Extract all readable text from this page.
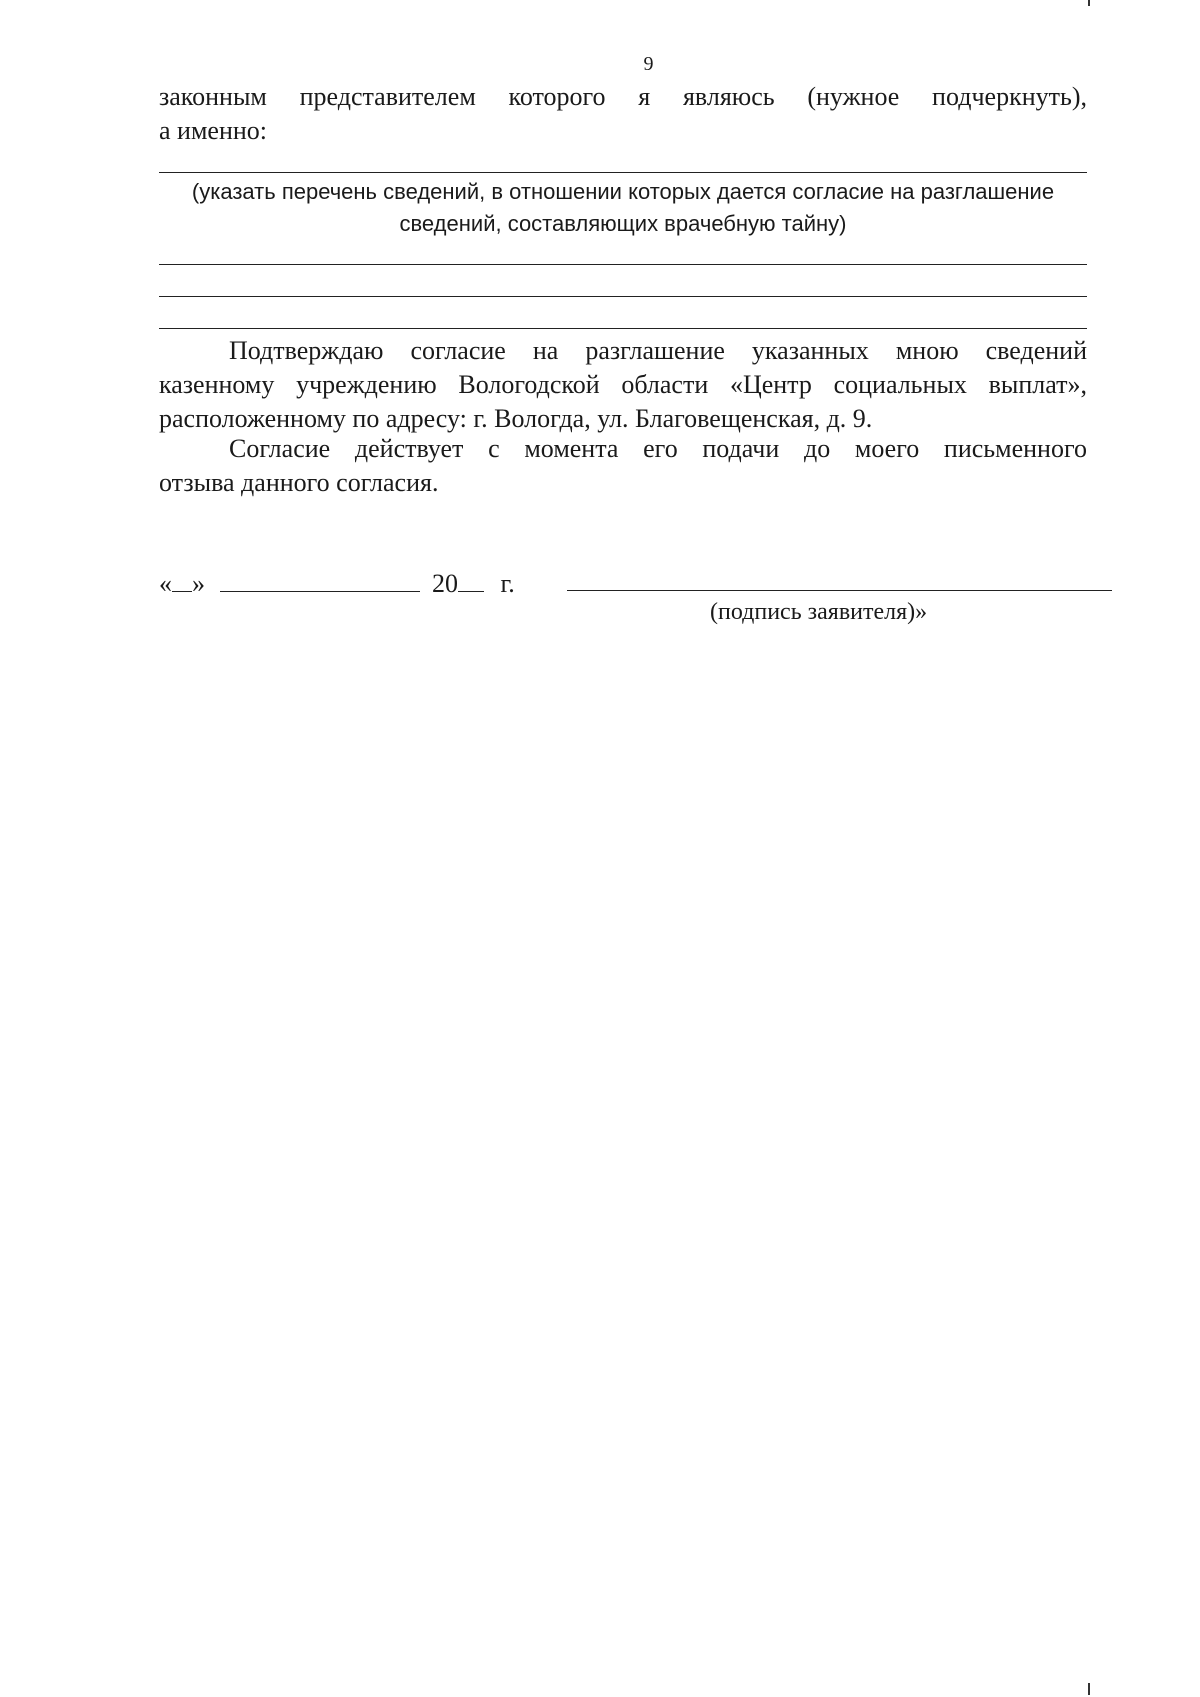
9
законным представителем которого я являюсь (нужное подчеркнуть),
а именно:
(указать перечень сведений, в отношении которых дается согласие на разглашение
сведений, составляющих врачебную тайну)
Подтверждаю согласие на разглашение указанных мною сведений
казенному учреждению Вологодской области «Центр социальных выплат»,
расположенному по адресу: г. Вологда, ул. Благовещенская, д. 9.
Согласие действует с момента его подачи до моего письменного
отзыва данного согласия.
« »	20 г.
(подпись заявителя)»
